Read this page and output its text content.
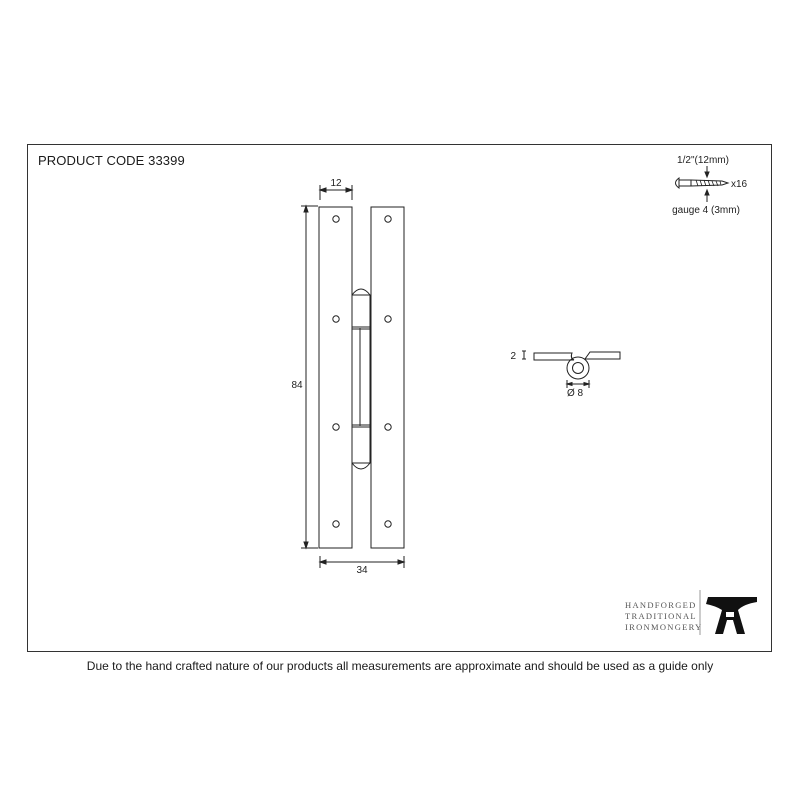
PRODUCT CODE 33399
12
84
34
2
Ø 8
1/2"(12mm)
x16
gauge 4 (3mm)
HANDFORGED
TRADITIONAL
IRONMONGERY
Due to the hand crafted nature of our products all measurements are approximate and should be used as a guide only
